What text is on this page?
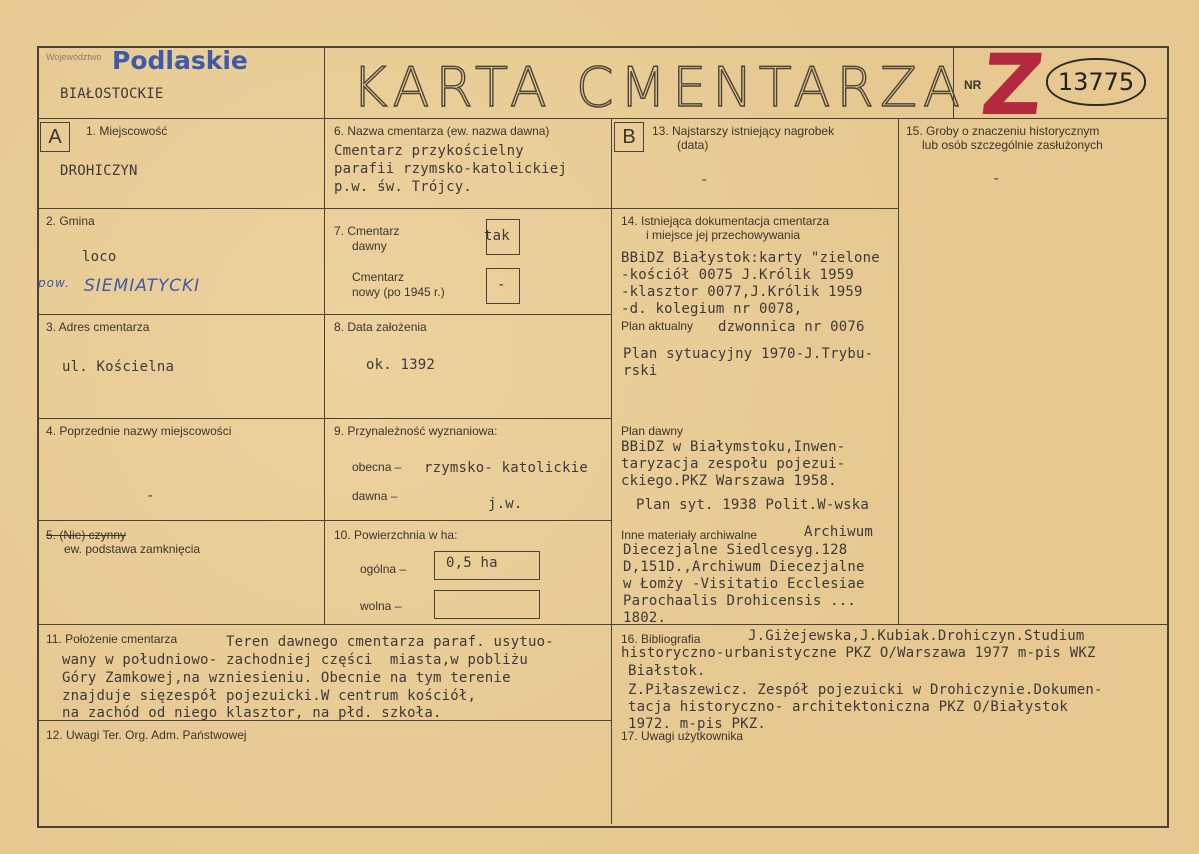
Województwo Podlaskie
BIAŁOSTOCKIE	KARTA CMENTARZA
NR
Z 13775
A	B
1. Miejscowość
DROHICZYN
2. Gmina
loco
pow. SIEMIATYCKI
3. Adres cmentarza
ul. Kościelna
4. Poprzednie nazwy miejscowości
-
5. (Nie) czynny
ew. podstawa zamknięcia
6. Nazwa cmentarza (ew. nazwa dawna)
Cmentarz przykościelny
parafii rzymsko-katolickiej
p.w. św. Trójcy.
7. Cmentarz
dawny
tak
Cmentarz
nowy (po 1945 r.)	-
8. Data założenia
ok. 1392
9. Przynależność wyznaniowa:
obecna – rzymsko- katolickie
dawna –	j.w.
10. Powierzchnia w ha:
ogólna –	0,5 ha
wolna –
11. Położenie cmentarza	Teren dawnego cmentarza paraf. usytuo-
wany w południowo- zachodniej części  miasta,w pobliżu
Góry Zamkowej,na wzniesieniu. Obecnie na tym terenie
znajduje sięzespół pojezuicki.W centrum kościół,
na zachód od niego klasztor, na płd. szkoła.
12. Uwagi Ter. Org. Adm. Państwowej
13. Najstarszy istniejący nagrobek
(data)
-
14. Istniejąca dokumentacja cmentarza
i miejsce jej przechowywania
BBiDZ Białystok:karty "zielone
-kościół 0075 J.Królik 1959
-klasztor 0077,J.Królik 1959
-d. kolegium nr 0078,
Plan aktualny dzwonnica nr 0076
Plan sytuacyjny 1970-J.Trybu-
rski
Plan dawny
BBiDZ w Białymstoku,Inwen-
taryzacja zespołu pojezui-
ckiego.PKZ Warszawa 1958.
Plan syt. 1938 Polit.W-wska
Inne materiały archiwalne	Archiwum
Diecezjalne Siedlcesyg.128
D,151D.,Archiwum Diecezjalne
w Łomży -Visitatio Ecclesiae
Parochaalis Drohicensis ...
1802.
15. Groby o znaczeniu historycznym
lub osób szczególnie zasłużonych
-
16. Bibliografia	J.Giżejewska,J.Kubiak.Drohiczyn.Studium
historyczno-urbanistyczne PKZ O/Warszawa 1977 m-pis WKZ
Białstok.
Z.Piłaszewicz. Zespół pojezuicki w Drohiczynie.Dokumen-
tacja historyczno- architektoniczna PKZ O/Białystok
1972. m-pis PKZ.
17. Uwagi użytkownika
